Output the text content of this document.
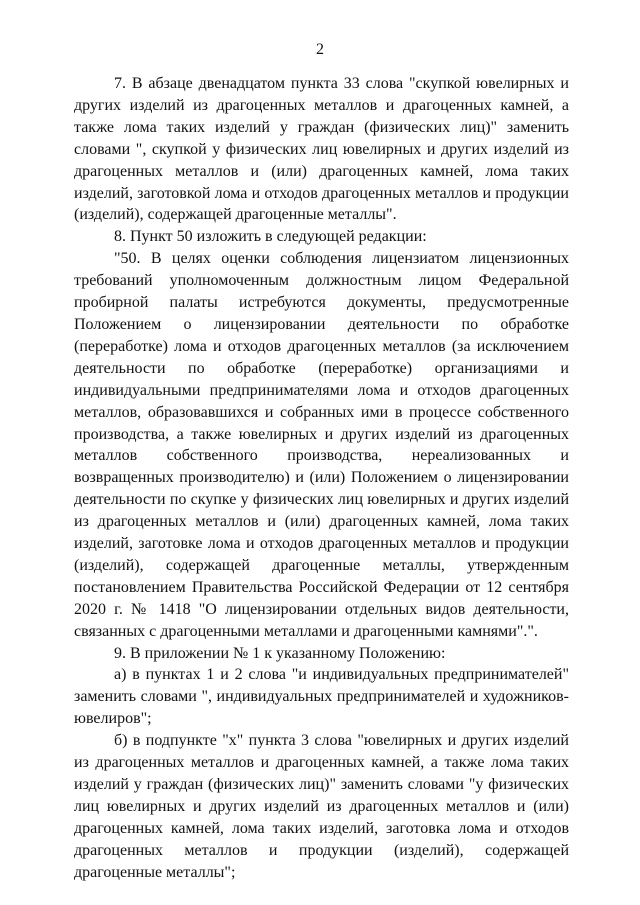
2

7. В абзаце двенадцатом пункта 33 слова "скупкой ювелирных и других изделий из драгоценных металлов и драгоценных камней, а также лома таких изделий у граждан (физических лиц)" заменить словами ", скупкой у физических лиц ювелирных и других изделий из драгоценных металлов и (или) драгоценных камней, лома таких изделий, заготовкой лома и отходов драгоценных металлов и продукции (изделий), содержащей драгоценные металлы".

8. Пункт 50 изложить в следующей редакции:

"50. В целях оценки соблюдения лицензиатом лицензионных требований уполномоченным должностным лицом Федеральной пробирной палаты истребуются документы, предусмотренные Положением о лицензировании деятельности по обработке (переработке) лома и отходов драгоценных металлов (за исключением деятельности по обработке (переработке) организациями и индивидуальными предпринимателями лома и отходов драгоценных металлов, образовавшихся и собранных ими в процессе собственного производства, а также ювелирных и других изделий из драгоценных металлов собственного производства, нереализованных и возвращенных производителю) и (или) Положением о лицензировании деятельности по скупке у физических лиц ювелирных и других изделий из драгоценных металлов и (или) драгоценных камней, лома таких изделий, заготовке лома и отходов драгоценных металлов и продукции (изделий), содержащей драгоценные металлы, утвержденным постановлением Правительства Российской Федерации от 12 сентября 2020 г. № 1418 "О лицензировании отдельных видов деятельности, связанных с драгоценными металлами и драгоценными камнями".".

9. В приложении № 1 к указанному Положению:

а) в пунктах 1 и 2 слова "и индивидуальных предпринимателей" заменить словами ", индивидуальных предпринимателей и художников-ювелиров";

б) в подпункте "х" пункта 3 слова "ювелирных и других изделий из драгоценных металлов и драгоценных камней, а также лома таких изделий у граждан (физических лиц)" заменить словами "у физических лиц ювелирных и других изделий из драгоценных металлов и (или) драгоценных камней, лома таких изделий, заготовка лома и отходов драгоценных металлов и продукции (изделий), содержащей драгоценные металлы";
